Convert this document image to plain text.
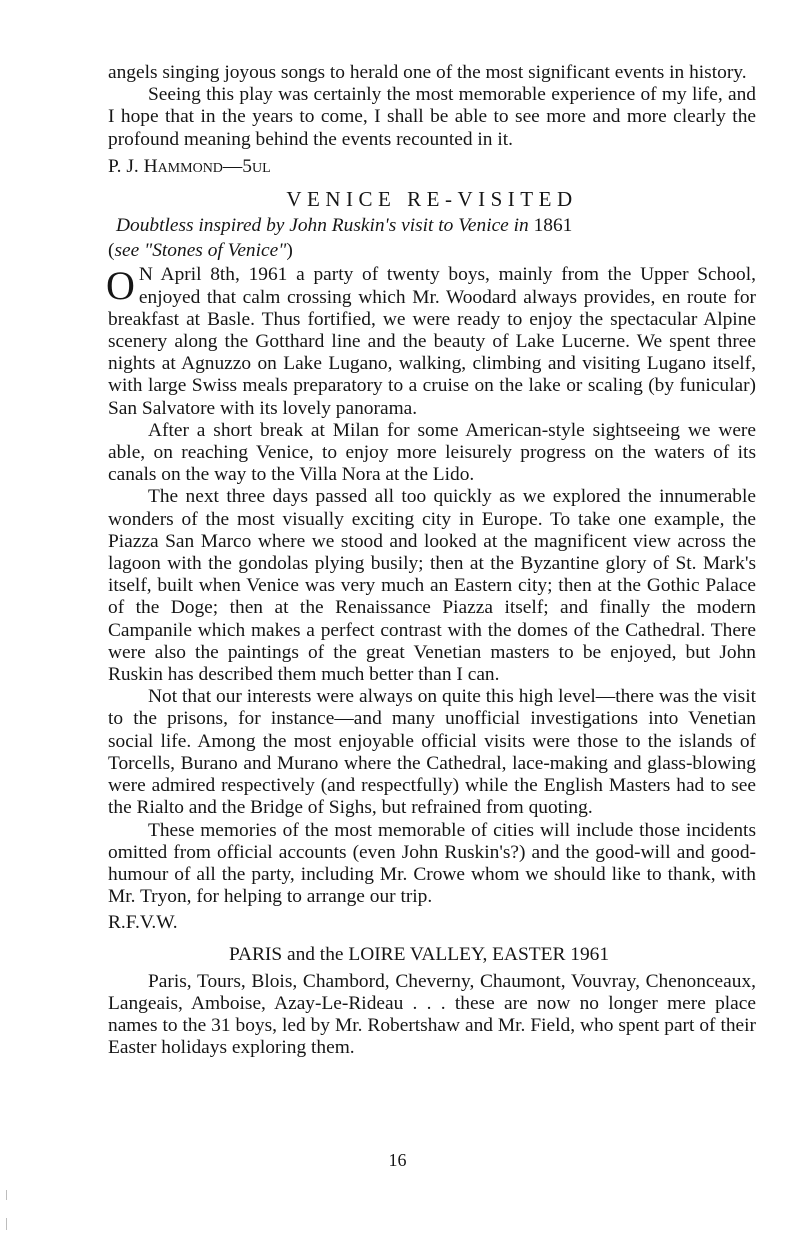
angels singing joyous songs to herald one of the most significant events in history.

Seeing this play was certainly the most memorable experience of my life, and I hope that in the years to come, I shall be able to see more and more clearly the profound meaning behind the events recounted in it.

P. J. Hammond—5ul

VENICE RE-VISITED

Doubtless inspired by John Ruskin's visit to Venice in 1861

(see "Stones of Venice")

O N April 8th, 1961 a party of twenty boys, mainly from the Upper School, enjoyed that calm crossing which Mr. Woodard always provides, en route for breakfast at Basle. Thus fortified, we were ready to enjoy the spectacular Alpine scenery along the Gotthard line and the beauty of Lake Lucerne. We spent three nights at Agnuzzo on Lake Lugano, walking, climbing and visiting Lugano itself, with large Swiss meals preparatory to a cruise on the lake or scaling (by funicular) San Salvatore with its lovely panorama.

After a short break at Milan for some American-style sightseeing we were able, on reaching Venice, to enjoy more leisurely progress on the waters of its canals on the way to the Villa Nora at the Lido.

The next three days passed all too quickly as we explored the innumerable wonders of the most visually exciting city in Europe. To take one example, the Piazza San Marco where we stood and looked at the magnificent view across the lagoon with the gondolas plying busily; then at the Byzantine glory of St. Mark's itself, built when Venice was very much an Eastern city; then at the Gothic Palace of the Doge; then at the Renaissance Piazza itself; and finally the modern Campanile which makes a perfect contrast with the domes of the Cathedral. There were also the paintings of the great Venetian masters to be enjoyed, but John Ruskin has described them much better than I can.

Not that our interests were always on quite this high level—there was the visit to the prisons, for instance—and many unofficial investigations into Venetian social life. Among the most enjoyable official visits were those to the islands of Torcells, Burano and Murano where the Cathedral, lace-making and glass-blowing were admired respectively (and respectfully) while the English Masters had to see the Rialto and the Bridge of Sighs, but refrained from quoting.

These memories of the most memorable of cities will include those incidents omitted from official accounts (even John Ruskin's?) and the good-will and good-humour of all the party, including Mr. Crowe whom we should like to thank, with Mr. Tryon, for helping to arrange our trip.

R.F.V.W.

PARIS and the LOIRE VALLEY, EASTER 1961

Paris, Tours, Blois, Chambord, Cheverny, Chaumont, Vouvray, Chenonceaux, Langeais, Amboise, Azay-Le-Rideau . . . these are now no longer mere place names to the 31 boys, led by Mr. Robertshaw and Mr. Field, who spent part of their Easter holidays exploring them.

16
